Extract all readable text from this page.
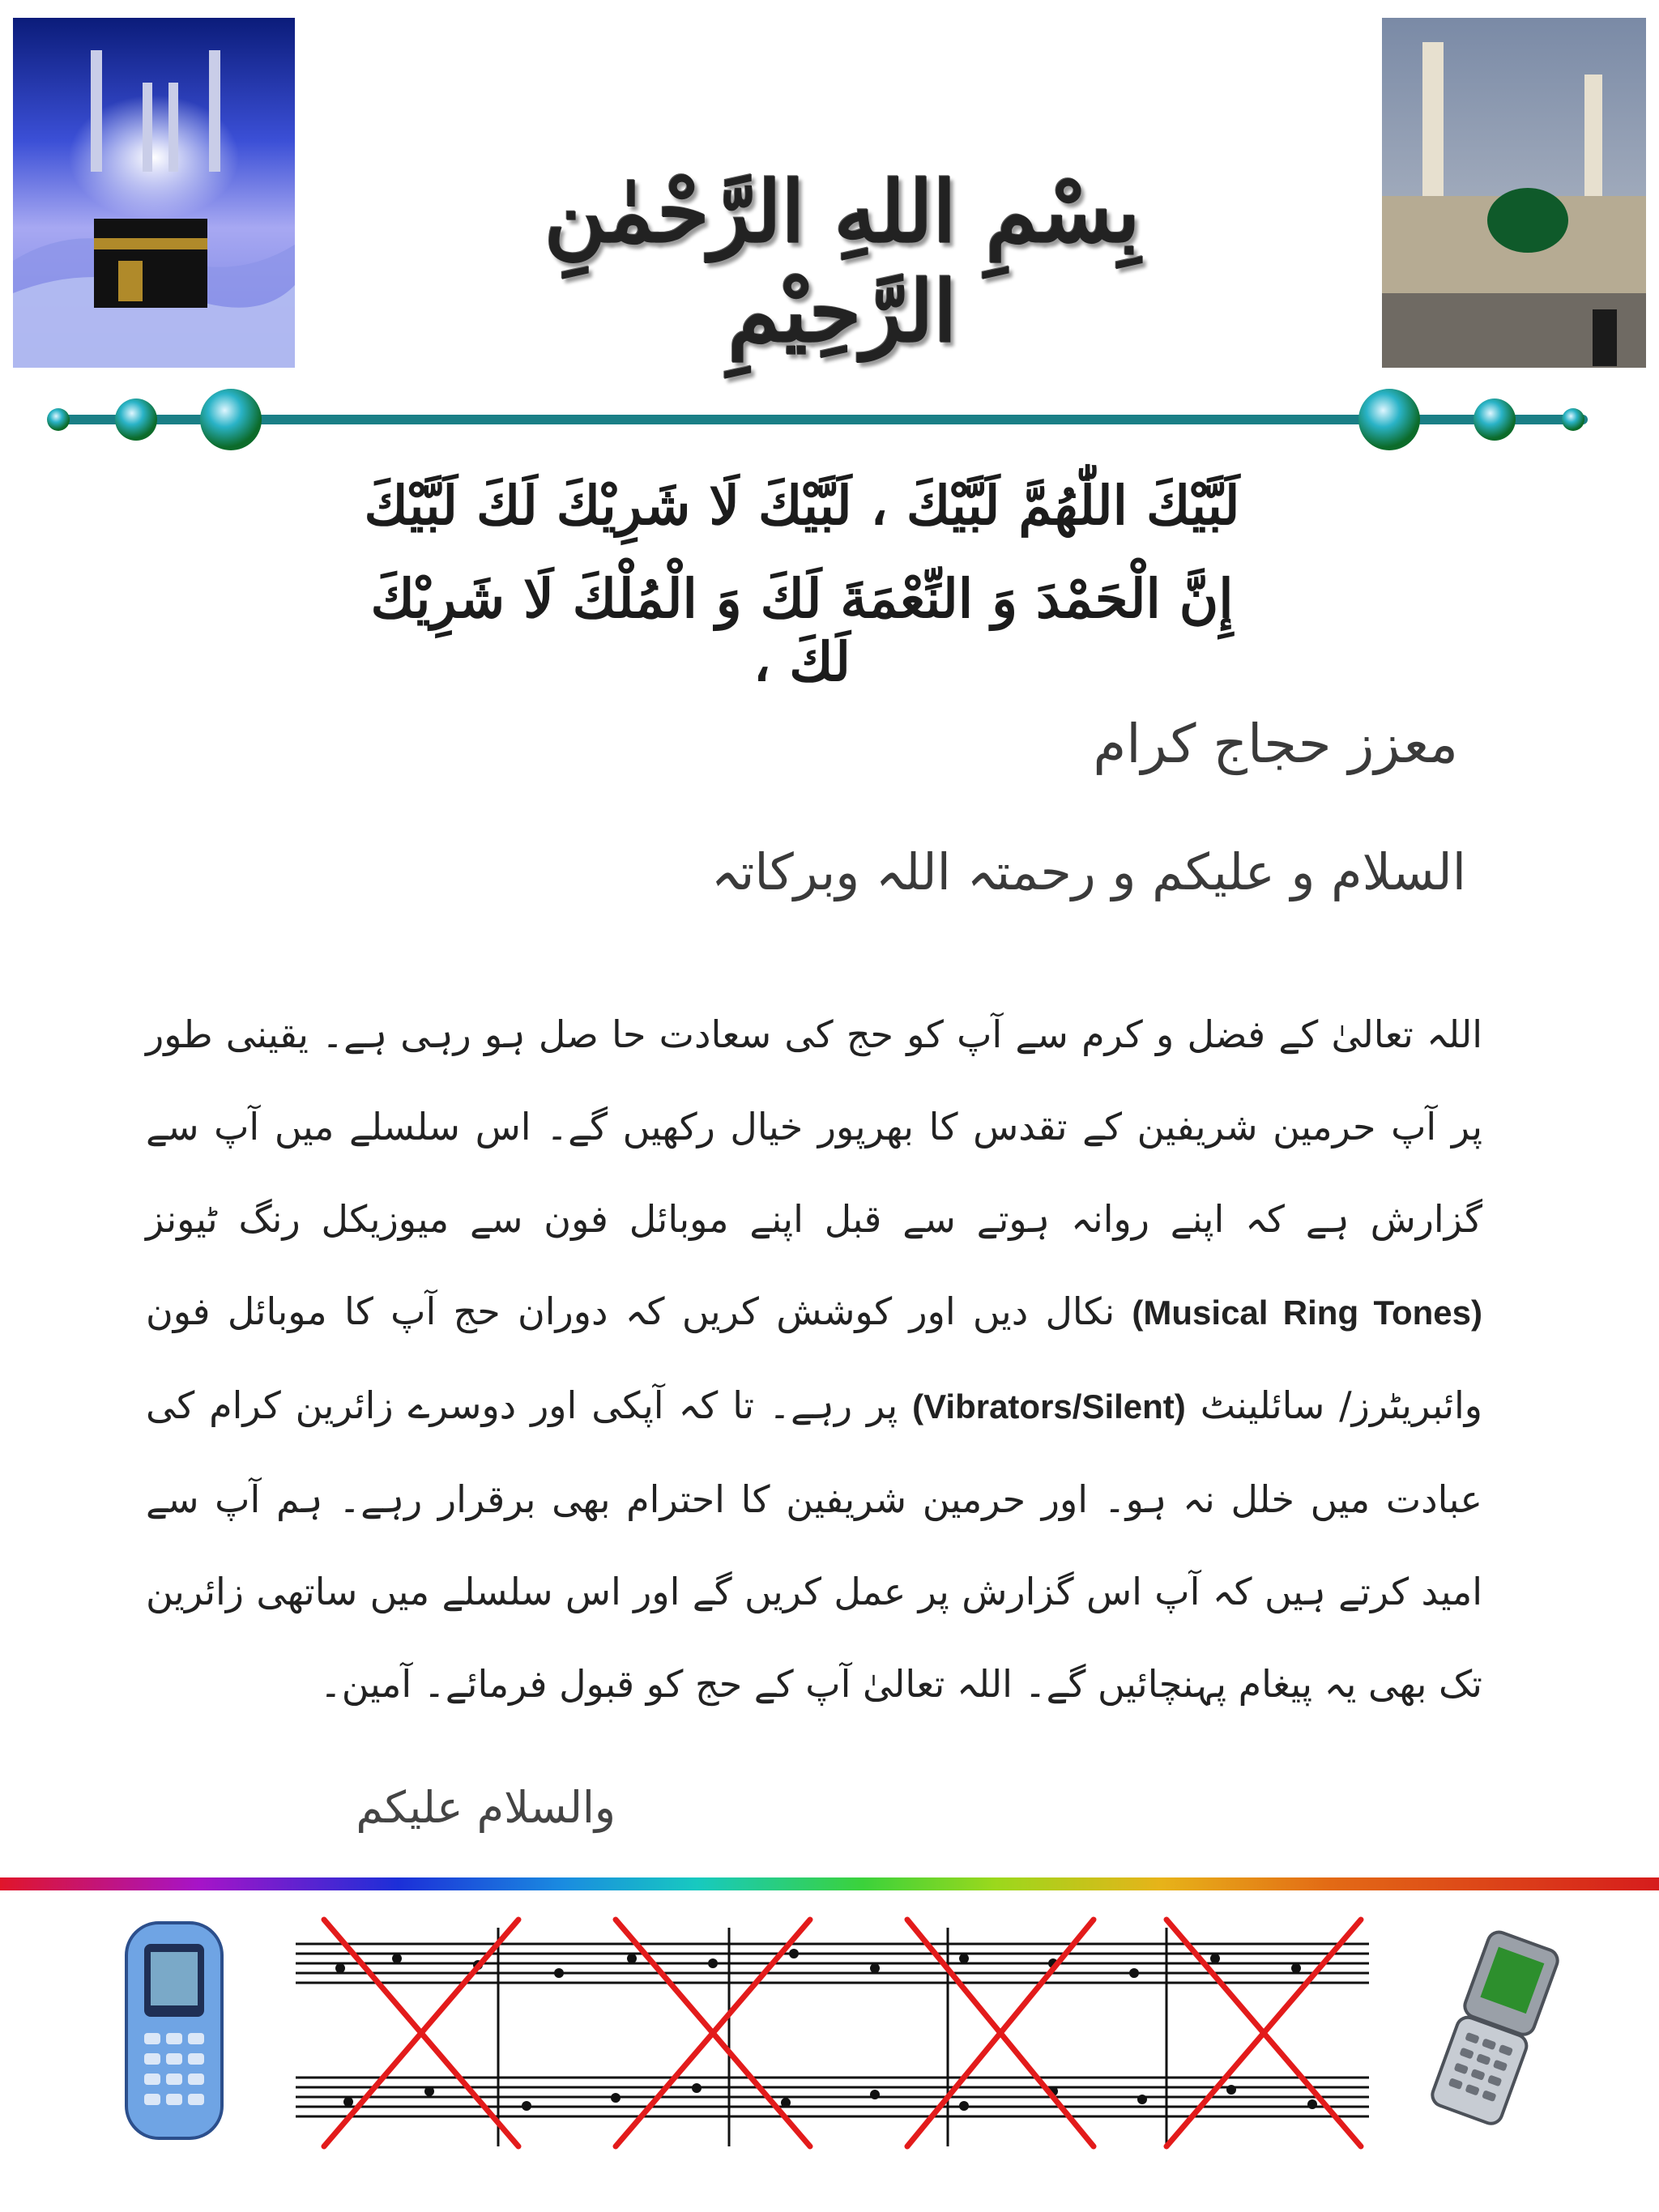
بِسْمِ اللهِ الرَّحْمٰنِ الرَّحِيْمِ
لَبَّيْكَ اللّٰهُمَّ لَبَّيْكَ ، لَبَّيْكَ لَا شَرِيْكَ لَكَ لَبَّيْكَ
إِنَّ الْحَمْدَ وَ النِّعْمَةَ لَكَ وَ الْمُلْكَ لَا شَرِيْكَ لَكَ ،
معزز حجاج کرام
السلام و علیکم و رحمتہ اللہ وبرکاتہ
اللہ تعالیٰ کے فضل و کرم سے آپ کو حج کی سعادت حا صل ہو رہی ہے۔ یقینی طور پر آپ حرمین شریفین کے تقدس کا بھرپور خیال رکھیں گے۔ اس سلسلے میں آپ سے گزارش ہے کہ اپنے روانہ ہوتے سے قبل اپنے موبائل فون سے میوزیکل رنگ ٹیونز (Musical Ring Tones) نکال دیں اور کوشش کریں کہ دوران حج آپ کا موبائل فون وائبریٹرز/ سائلینٹ (Vibrators/Silent) پر رہے۔ تا کہ آپکی اور دوسرے زائرین کرام کی عبادت میں خلل نہ ہو۔ اور حرمین شریفین کا احترام بھی برقرار رہے۔ ہم آپ سے امید کرتے ہیں کہ آپ اس گزارش پر عمل کریں گے اور اس سلسلے میں ساتھی زائرین تک بھی یہ پیغام پہنچائیں گے۔ اللہ تعالیٰ آپ کے حج کو قبول فرمائے۔ آمین۔
والسلام علیکم
